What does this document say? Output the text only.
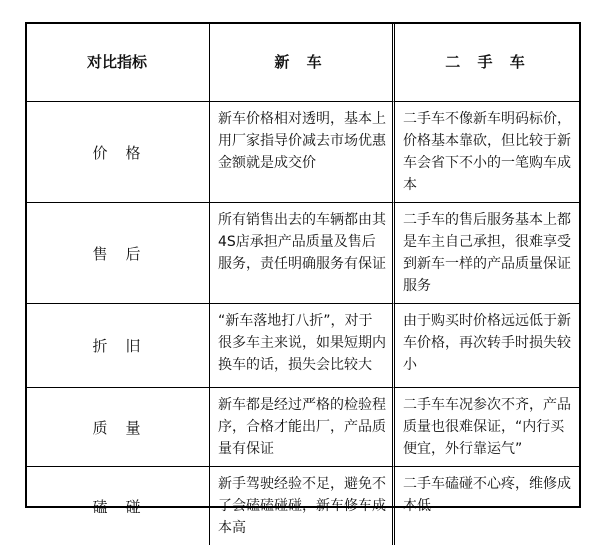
对比指标	新 车	二 手 车
价格	新车价格相对透明，基本上用厂家指导价减去市场优惠金额就是成交价	二手车不像新车明码标价，价格基本靠砍，但比较于新车会省下不小的一笔购车成本
售后	所有销售出去的车辆都由其 4S店承担产品质量及售后服务，责任明确服务有保证	二手车的售后服务基本上都是车主自己承担，很难享受到新车一样的产品质量保证服务
折旧	“新车落地打八折”，对于很多车主来说，如果短期内换车的话，损失会比较大	由于购买时价格远远低于新车价格，再次转手时损失较小
质量	新车都是经过严格的检验程序，合格才能出厂，产品质量有保证	二手车车况参次不齐，产品质量也很难保证，“内行买便宜，外行靠运气”
磕碰	新手驾驶经验不足，避免不了会磕磕碰碰，新车修车成本高	二手车磕碰不心疼，维修成本低
